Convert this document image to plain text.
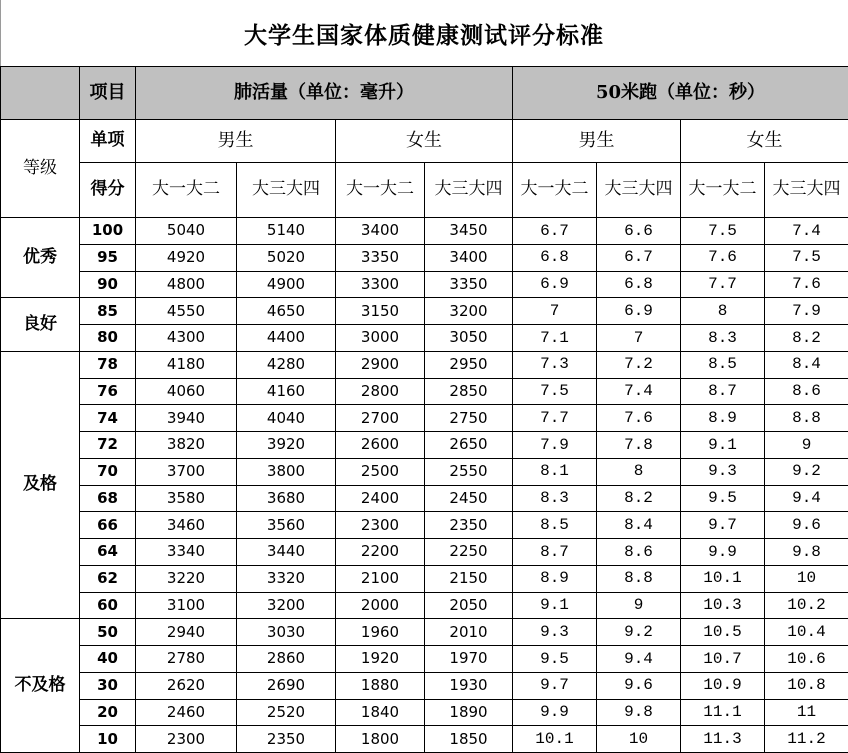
大学生国家体质健康测试评分标准
	项目	肺活量（单位：毫升）				50米跑（单位：秒）			
等级	单项	男生		女生		男生		女生	
	得分	大一大二	大三大四	大一大二	大三大四	大一大二	大三大四	大一大二	大三大四
优秀	100	5040	5140	3400	3450	6.7	6.6	7.5	7.4
	95	4920	5020	3350	3400	6.8	6.7	7.6	7.5
	90	4800	4900	3300	3350	6.9	6.8	7.7	7.6
良好	85	4550	4650	3150	3200	7	6.9	8	7.9
	80	4300	4400	3000	3050	7.1	7	8.3	8.2
及格	78	4180	4280	2900	2950	7.3	7.2	8.5	8.4
	76	4060	4160	2800	2850	7.5	7.4	8.7	8.6
	74	3940	4040	2700	2750	7.7	7.6	8.9	8.8
	72	3820	3920	2600	2650	7.9	7.8	9.1	9
	70	3700	3800	2500	2550	8.1	8	9.3	9.2
	68	3580	3680	2400	2450	8.3	8.2	9.5	9.4
	66	3460	3560	2300	2350	8.5	8.4	9.7	9.6
	64	3340	3440	2200	2250	8.7	8.6	9.9	9.8
	62	3220	3320	2100	2150	8.9	8.8	10.1	10
	60	3100	3200	2000	2050	9.1	9	10.3	10.2
不及格	50	2940	3030	1960	2010	9.3	9.2	10.5	10.4
	40	2780	2860	1920	1970	9.5	9.4	10.7	10.6
	30	2620	2690	1880	1930	9.7	9.6	10.9	10.8
	20	2460	2520	1840	1890	9.9	9.8	11.1	11
	10	2300	2350	1800	1850	10.1	10	11.3	11.2
